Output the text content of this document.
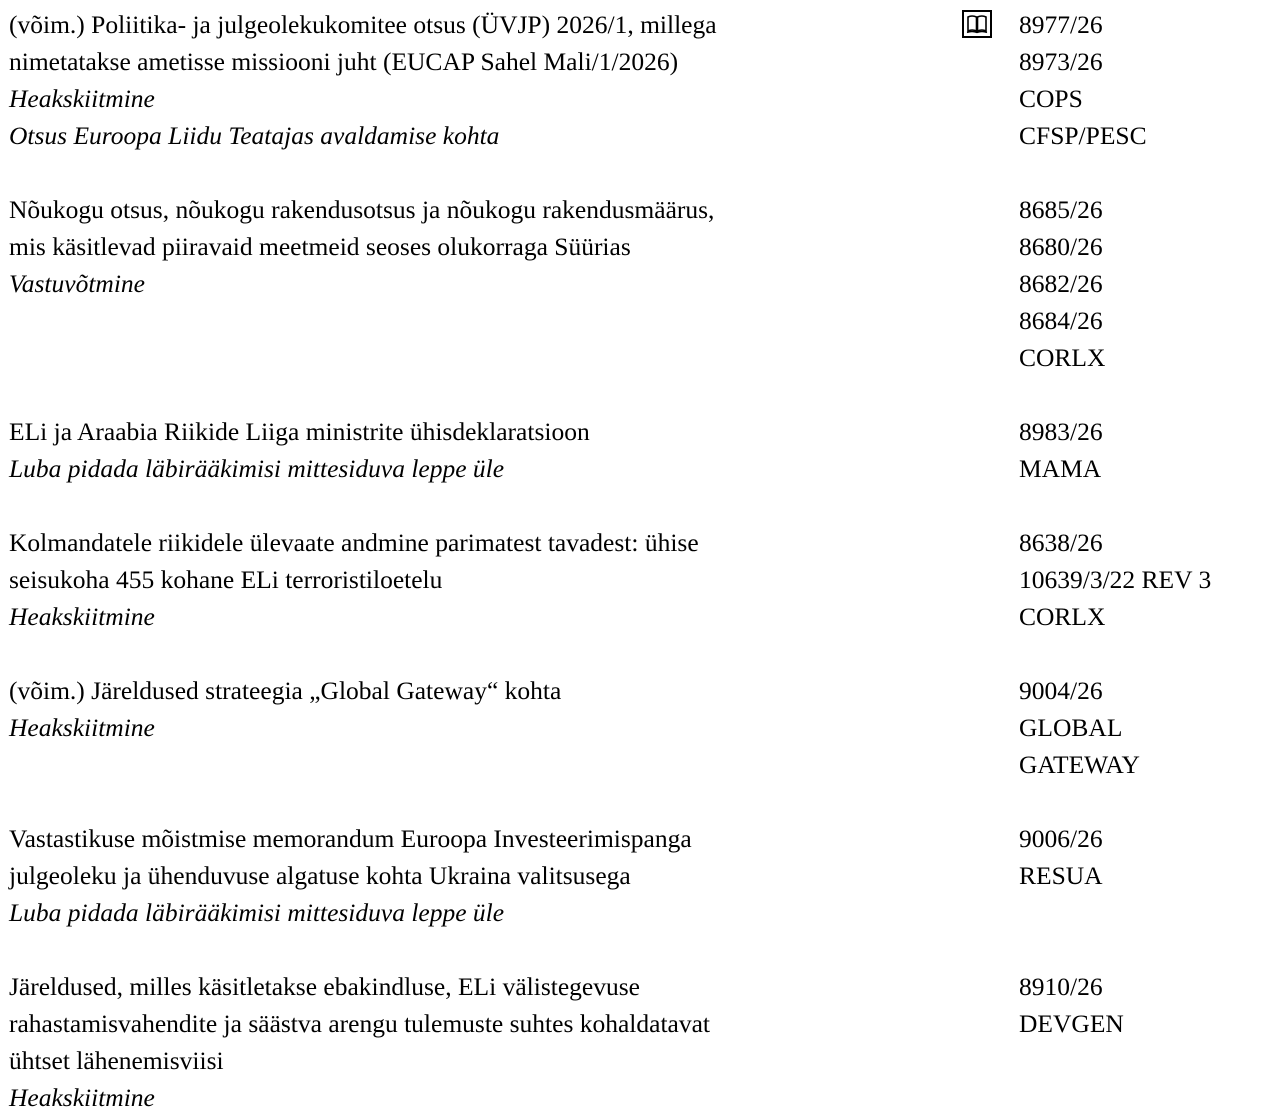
(võim.) Poliitika- ja julgeolekukomitee otsus (ÜVJP) 2026/1, millega
nimetatakse ametisse missiooni juht (EUCAP Sahel Mali/1/2026)
Heakskiitmine
Otsus Euroopa Liidu Teatajas avaldamise kohta
8977/26
8973/26
COPS
CFSP/PESC
Nõukogu otsus, nõukogu rakendusotsus ja nõukogu rakendusmäärus,
mis käsitlevad piiravaid meetmeid seoses olukorraga Süürias
Vastuvõtmine
8685/26
8680/26
8682/26
8684/26
CORLX
ELi ja Araabia Riikide Liiga ministrite ühisdeklaratsioon
Luba pidada läbirääkimisi mittesiduva leppe üle
8983/26
MAMA
Kolmandatele riikidele ülevaate andmine parimatest tavadest: ühise
seisukoha 455 kohane ELi terroristiloetelu
Heakskiitmine
8638/26
10639/3/22 REV 3
CORLX
(võim.) Järeldused strateegia „Global Gateway“ kohta
Heakskiitmine
9004/26
GLOBAL
GATEWAY
Vastastikuse mõistmise memorandum Euroopa Investeerimispanga
julgeoleku ja ühenduvuse algatuse kohta Ukraina valitsusega
Luba pidada läbirääkimisi mittesiduva leppe üle
9006/26
RESUA
Järeldused, milles käsitletakse ebakindluse, ELi välistegevuse
rahastamisvahendite ja säästva arengu tulemuste suhtes kohaldatavat
ühtset lähenemisviisi
Heakskiitmine
8910/26
DEVGEN
